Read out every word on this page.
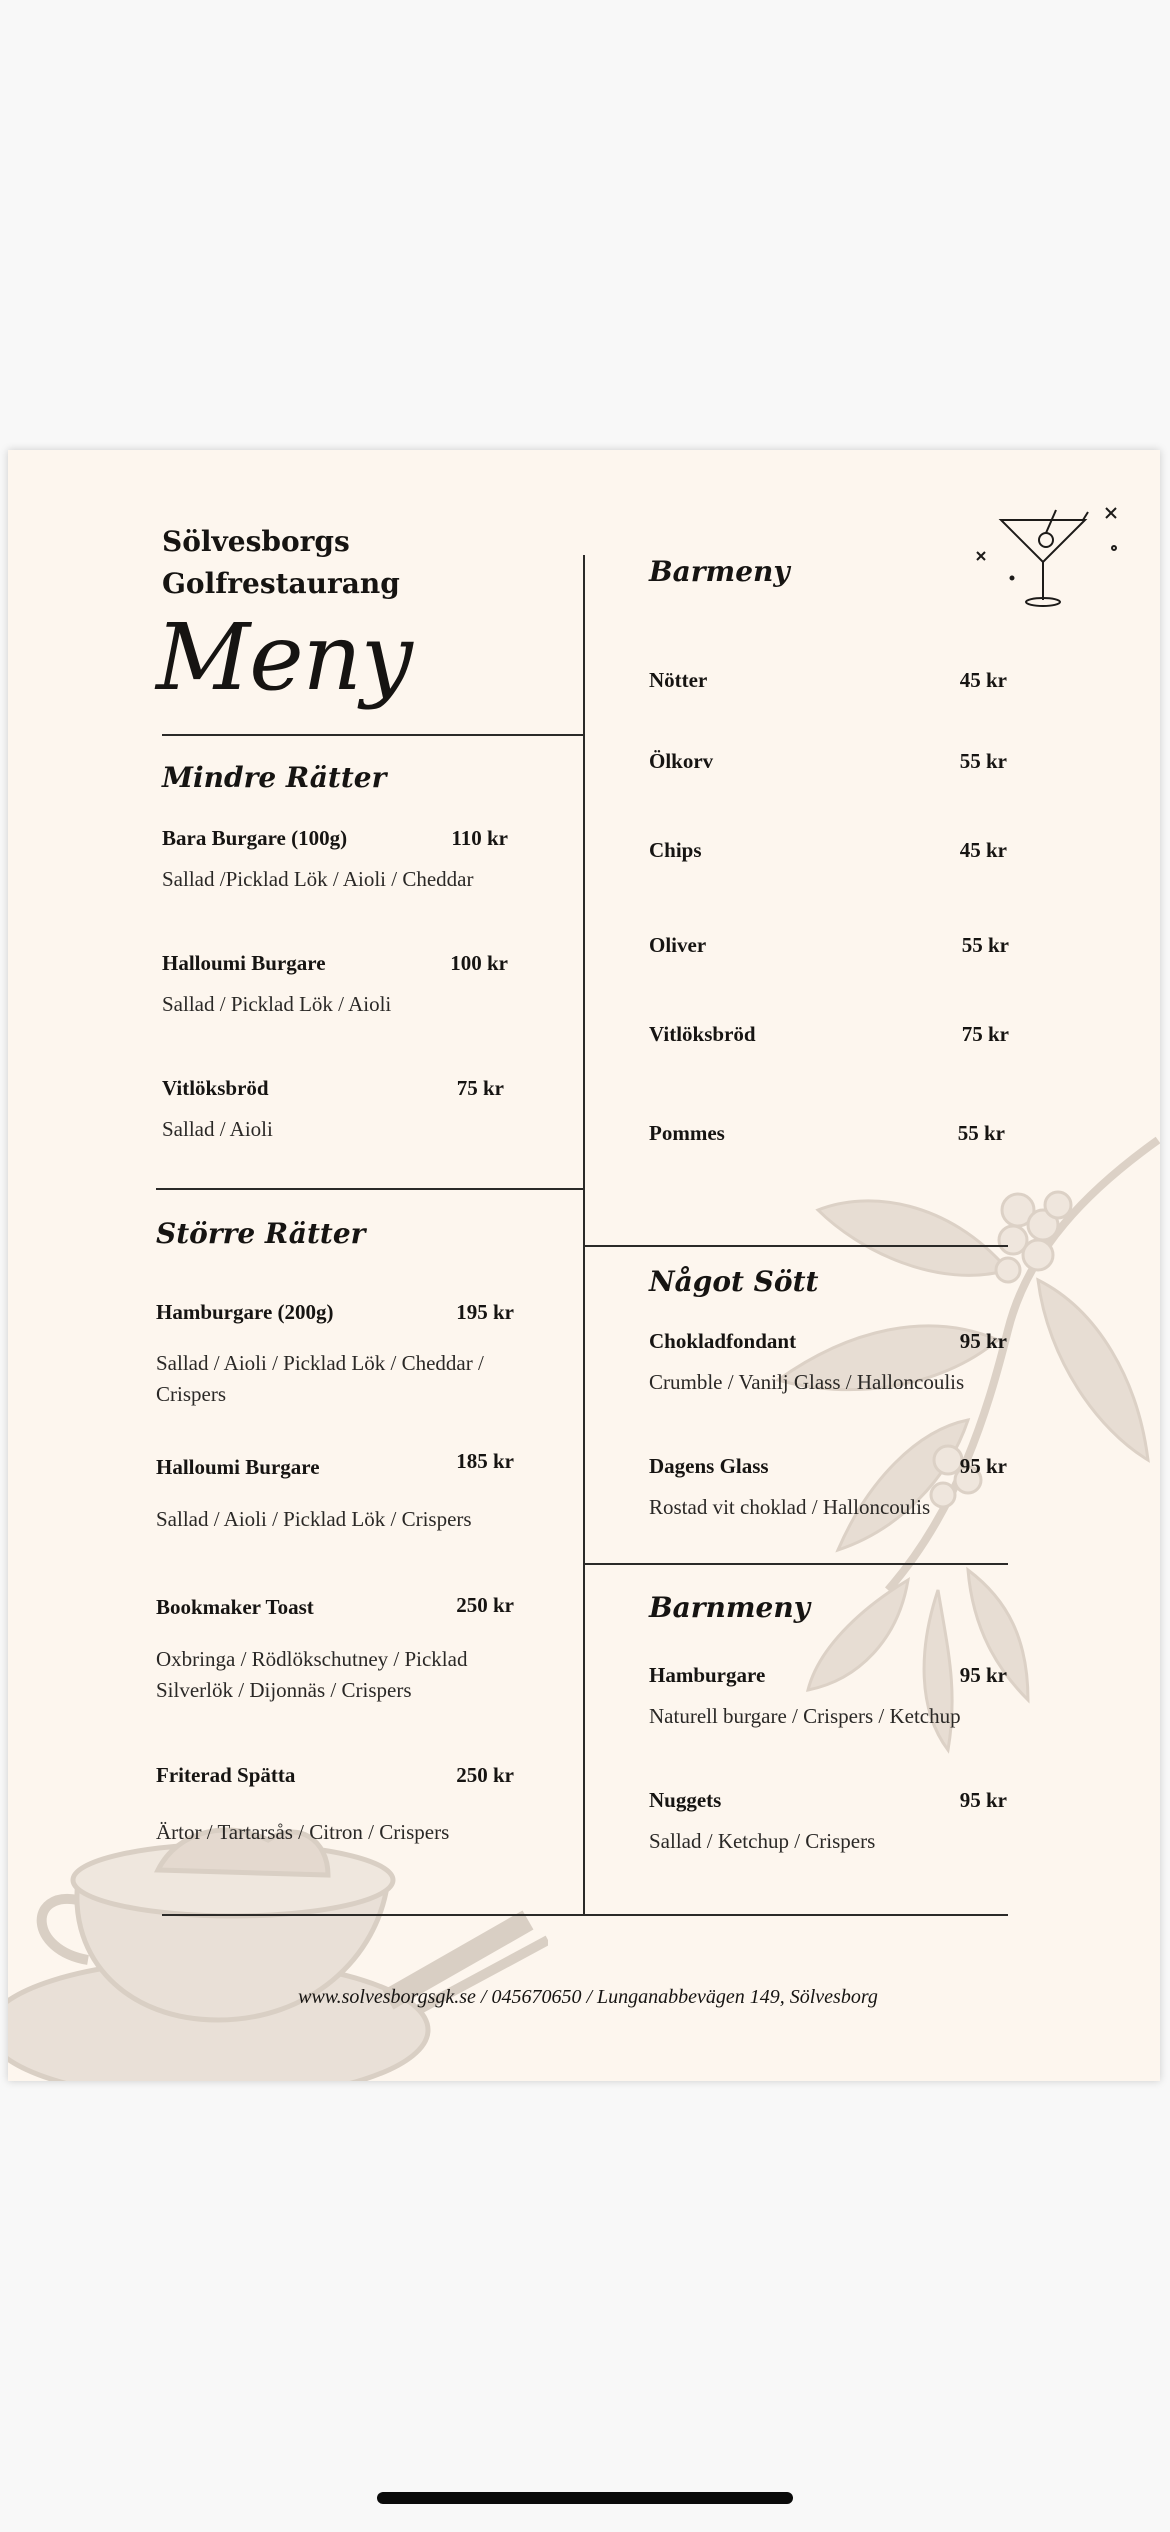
Sölvesborgs
Golfrestaurang
Meny
Mindre Rätter
Bara Burgare (100g)	110 kr
Sallad /Picklad Lök / Aioli / Cheddar
Halloumi Burgare	100 kr
Sallad / Picklad Lök / Aioli
Vitlöksbröd	75 kr
Sallad / Aioli
Större Rätter
Hamburgare (200g)	195 kr
Sallad / Aioli / Picklad Lök / Cheddar /
Crispers
Halloumi Burgare	185 kr
Sallad / Aioli / Picklad Lök / Crispers
Bookmaker Toast	250 kr
Oxbringa / Rödlökschutney / Picklad
Silverlök / Dijonnäs / Crispers
Friterad Spätta	250 kr
Ärtor / Tartarsås / Citron / Crispers
Barmeny
Nötter	45 kr
Ölkorv	55 kr
Chips	45 kr
Oliver	55 kr
Vitlöksbröd	75 kr
Pommes	55 kr
Något Sött
Chokladfondant	95 kr
Crumble / Vanilj Glass / Halloncoulis
Dagens Glass	95 kr
Rostad vit choklad / Halloncoulis
Barnmeny
Hamburgare	95 kr
Naturell burgare / Crispers / Ketchup
Nuggets	95 kr
Sallad / Ketchup / Crispers
www.solvesborgsgk.se / 045670650 / Lunganabbevägen 149, Sölvesborg
